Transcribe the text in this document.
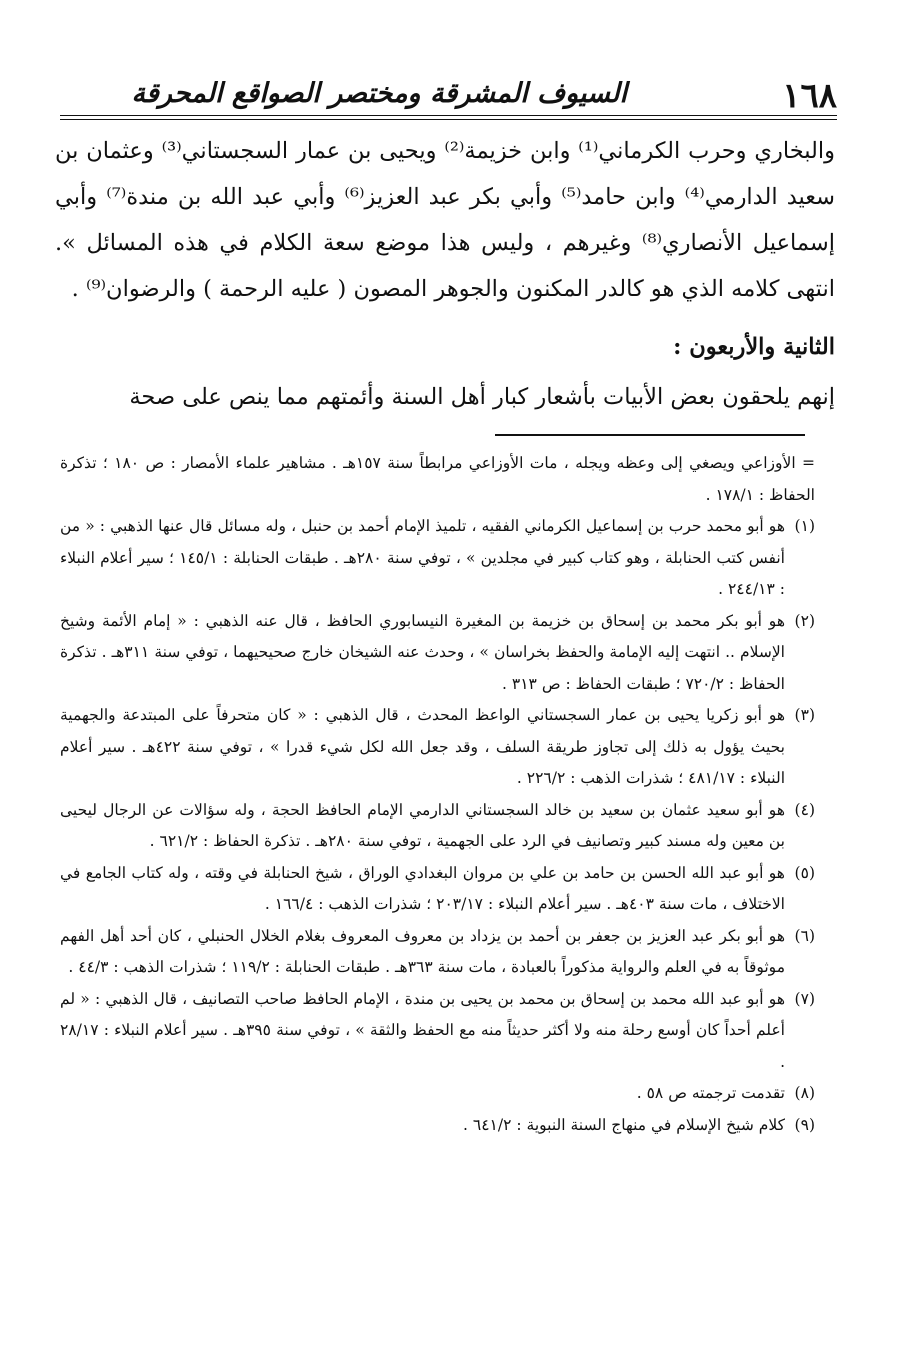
١٦٨
السيوف المشرقة ومختصر الصواقع المحرقة

والبخاري وحرب الكرماني⁽¹⁾ وابن خزيمة⁽²⁾ ويحيى بن عمار السجستاني⁽³⁾ وعثمان بن سعيد الدارمي⁽⁴⁾ وابن حامد⁽⁵⁾ وأبي بكر عبد العزيز⁽⁶⁾ وأبي عبد الله بن مندة⁽⁷⁾ وأبي إسماعيل الأنصاري⁽⁸⁾ وغيرهم ، وليس هذا موضع سعة الكلام في هذه المسائل ». انتهى كلامه الذي هو كالدر المكنون والجوهر المصون ( عليه الرحمة ) والرضوان⁽⁹⁾ .

الثانية والأربعون :

إنهم يلحقون بعض الأبيات بأشعار كبار أهل السنة وأئمتهم مما ينص على صحة

= الأوزاعي ويصغي إلى وعظه ويجله ، مات الأوزاعي مرابطاً سنة ١٥٧هـ . مشاهير علماء الأمصار : ص ١٨٠ ؛ تذكرة الحفاظ : ١٧٨/١ .

(١)
هو أبو محمد حرب بن إسماعيل الكرماني الفقيه ، تلميذ الإمام أحمد بن حنبل ، وله مسائل قال عنها الذهبي : « من أنفس كتب الحنابلة ، وهو كتاب كبير في مجلدين » ، توفي سنة ٢٨٠هـ . طبقات الحنابلة : ١٤٥/١ ؛ سير أعلام النبلاء : ٢٤٤/١٣ .

(٢)
هو أبو بكر محمد بن إسحاق بن خزيمة بن المغيرة النيسابوري الحافظ ، قال عنه الذهبي : « إمام الأئمة وشيخ الإسلام .. انتهت إليه الإمامة والحفظ بخراسان » ، وحدث عنه الشيخان خارج صحيحيهما ، توفي سنة ٣١١هـ . تذكرة الحفاظ : ٧٢٠/٢ ؛ طبقات الحفاظ : ص ٣١٣ .

(٣)
هو أبو زكريا يحيى بن عمار السجستاني الواعظ المحدث ، قال الذهبي : « كان متحرفاً على المبتدعة والجهمية بحيث يؤول به ذلك إلى تجاوز طريقة السلف ، وقد جعل الله لكل شيء قدرا » ، توفي سنة ٤٢٢هـ . سير أعلام النبلاء : ٤٨١/١٧ ؛ شذرات الذهب : ٢٢٦/٢ .

(٤)
هو أبو سعيد عثمان بن سعيد بن خالد السجستاني الدارمي الإمام الحافظ الحجة ، وله سؤالات عن الرجال ليحيى بن معين وله مسند كبير وتصانيف في الرد على الجهمية ، توفي سنة ٢٨٠هـ . تذكرة الحفاظ : ٦٢١/٢ .

(٥)
هو أبو عبد الله الحسن بن حامد بن علي بن مروان البغدادي الوراق ، شيخ الحنابلة في وقته ، وله كتاب الجامع في الاختلاف ، مات سنة ٤٠٣هـ . سير أعلام النبلاء : ٢٠٣/١٧ ؛ شذرات الذهب : ١٦٦/٤ .

(٦)
هو أبو بكر عبد العزيز بن جعفر بن أحمد بن يزداد بن معروف المعروف بغلام الخلال الحنبلي ، كان أحد أهل الفهم موثوقاً به في العلم والرواية مذكوراً بالعبادة ، مات سنة ٣٦٣هـ . طبقات الحنابلة : ١١٩/٢ ؛ شذرات الذهب : ٤٤/٣ .

(٧)
هو أبو عبد الله محمد بن إسحاق بن محمد بن يحيى بن مندة ، الإمام الحافظ صاحب التصانيف ، قال الذهبي : « لم أعلم أحداً كان أوسع رحلة منه ولا أكثر حديثاً منه مع الحفظ والثقة » ، توفي سنة ٣٩٥هـ . سير أعلام النبلاء : ٢٨/١٧ .

(٨)
تقدمت ترجمته ص ٥٨ .

(٩)
كلام شيخ الإسلام في منهاج السنة النبوية : ٦٤١/٢ .
